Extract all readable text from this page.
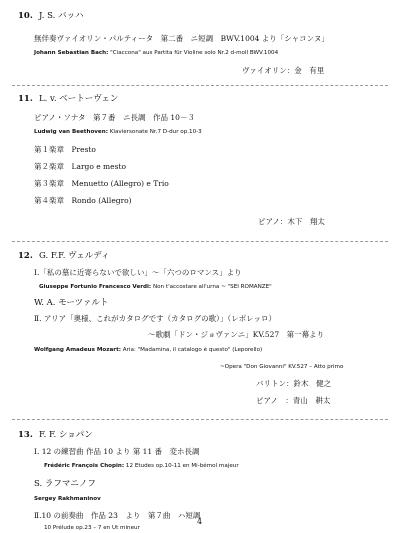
10. J. S. バッハ
無伴奏ヴァイオリン・パルティータ　第二番　ニ短調　BWV.1004 より「シャコンヌ」
Johann Sebastian Bach: "Ciaccona" aus Partita für Violine solo Nr.2 d-moll BWV.1004
ヴァイオリン：金　有里
11. L. v. ベートーヴェン
ピアノ・ソナタ　第７番　ニ長調　作品 10－３
Ludwig van Beethoven: Klaviersonate Nr.7 D-dur op.10-3
第１楽章　Presto
第２楽章　Largo e mesto
第３楽章　Menuetto (Allegro) e Trio
第４楽章　Rondo (Allegro)
ピアノ：木下　翔太
12. G. F.F. ヴェルディ
Ⅰ.「私の墓に近寄らないで欲しい」～「六つのロマンス」より
Giuseppe Fortunio Francesco Verdi: Non t'accostare all'urna ~ "SEI ROMANZE"
W. A. モーツァルト
Ⅱ. アリア「奥様、これがカタログです（カタログの歌）」（レポレッロ）
～歌劇「ドン・ジョヴァンニ」KV.527　第一幕より
Wolfgang Amadeus Mozart: Aria: "Madamina, il catalogo è questo" (Leporello)
~Opera "Don Giovanni" KV.527 – Atto primo
バリトン：鈴木　健之
ピアノ　：青山　耕太
13. F. F. ショパン
Ⅰ. 12 の練習曲 作品 10 より 第 11 番　変ホ長調
Frédéric François Chopin: 12 Etudes op.10-11 en Mi-bémol majeur
S. ラフマニノフ
Sergey Rakhmaninov
Ⅱ.10 の前奏曲　作品 23　より　第７曲　ハ短調
10 Prélude op.23 – 7 en Ut mineur
4
